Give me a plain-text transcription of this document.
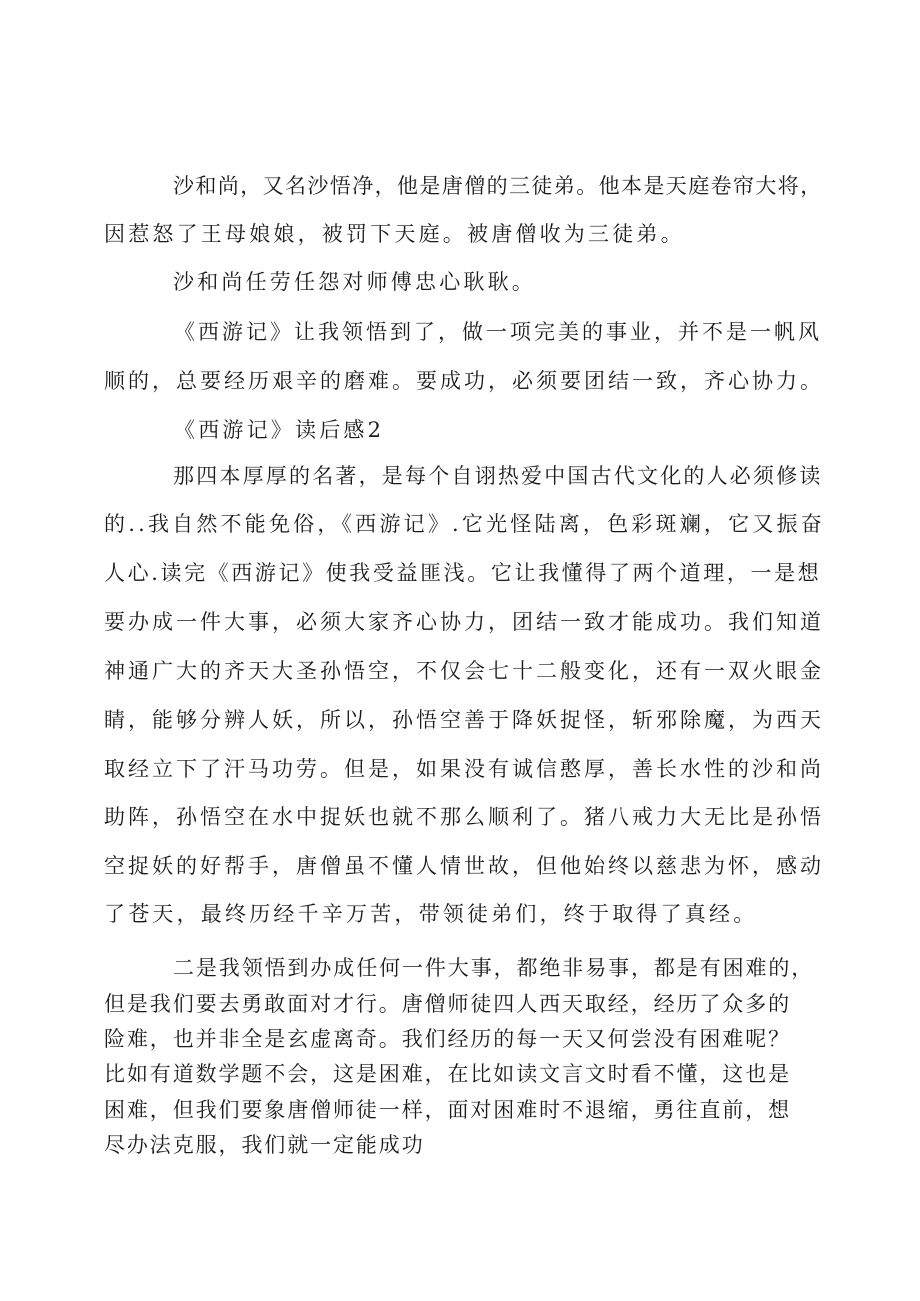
沙和尚，又名沙悟净，他是唐僧的三徒弟。他本是天庭卷帘大将，
因惹怒了王母娘娘，被罚下天庭。被唐僧收为三徒弟。
沙和尚任劳任怨对师傅忠心耿耿。
《西游记》让我领悟到了，做一项完美的事业，并不是一帆风
顺的，总要经历艰辛的磨难。要成功，必须要团结一致，齐心协力。
《西游记》读后感2
那四本厚厚的名著，是每个自诩热爱中国古代文化的人必须修读
的..我自然不能免俗，《西游记》.它光怪陆离，色彩斑斓，它又振奋
人心.读完《西游记》使我受益匪浅。它让我懂得了两个道理，一是想
要办成一件大事，必须大家齐心协力，团结一致才能成功。我们知道
神通广大的齐天大圣孙悟空，不仅会七十二般变化，还有一双火眼金
睛，能够分辨人妖，所以，孙悟空善于降妖捉怪，斩邪除魔，为西天
取经立下了汗马功劳。但是，如果没有诚信憨厚，善长水性的沙和尚
助阵，孙悟空在水中捉妖也就不那么顺利了。猪八戒力大无比是孙悟
空捉妖的好帮手，唐僧虽不懂人情世故，但他始终以慈悲为怀，感动
了苍天，最终历经千辛万苦，带领徒弟们，终于取得了真经。
二是我领悟到办成任何一件大事，都绝非易事，都是有困难的，
但是我们要去勇敢面对才行。唐僧师徒四人西天取经，经历了众多的
险难，也并非全是玄虚离奇。我们经历的每一天又何尝没有困难呢？
比如有道数学题不会，这是困难，在比如读文言文时看不懂，这也是
困难，但我们要象唐僧师徒一样，面对困难时不退缩，勇往直前，想
尽办法克服，我们就一定能成功
